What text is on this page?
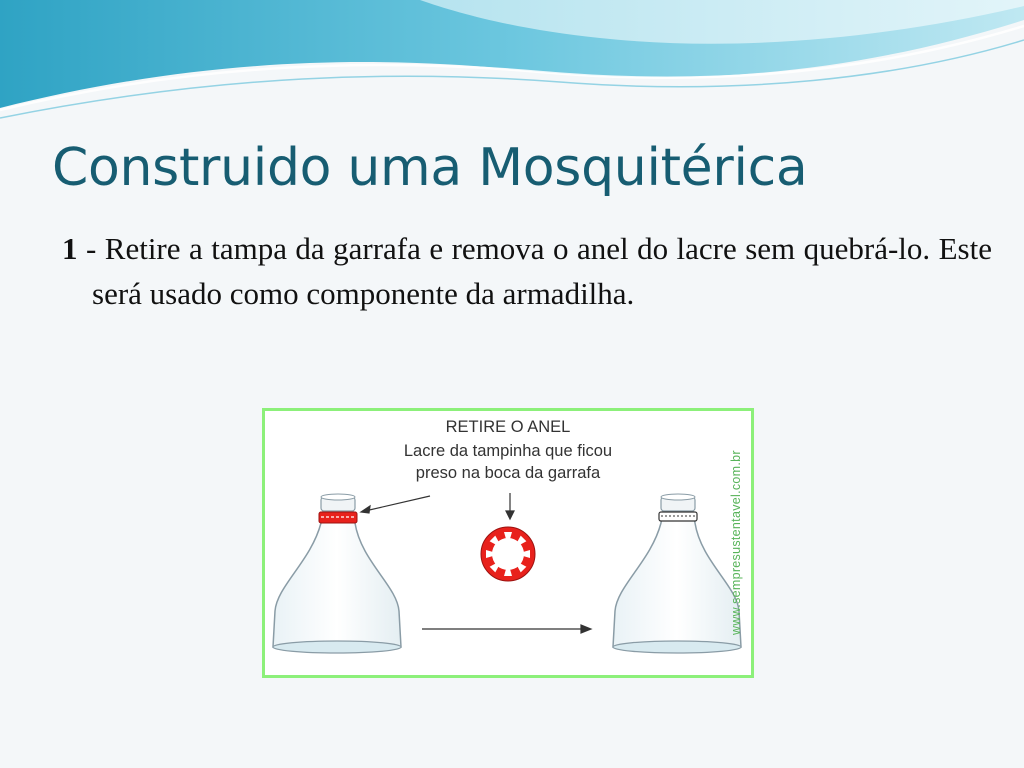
Construido uma Mosquitérica

1 - Retire a tampa da garrafa e remova o anel do lacre sem quebrá-lo. Este será usado como componente da armadilha.

RETIRE O ANEL
Lacre da tampinha que ficou
preso na boca da garrafa	www.sempresustentavel.com.br
